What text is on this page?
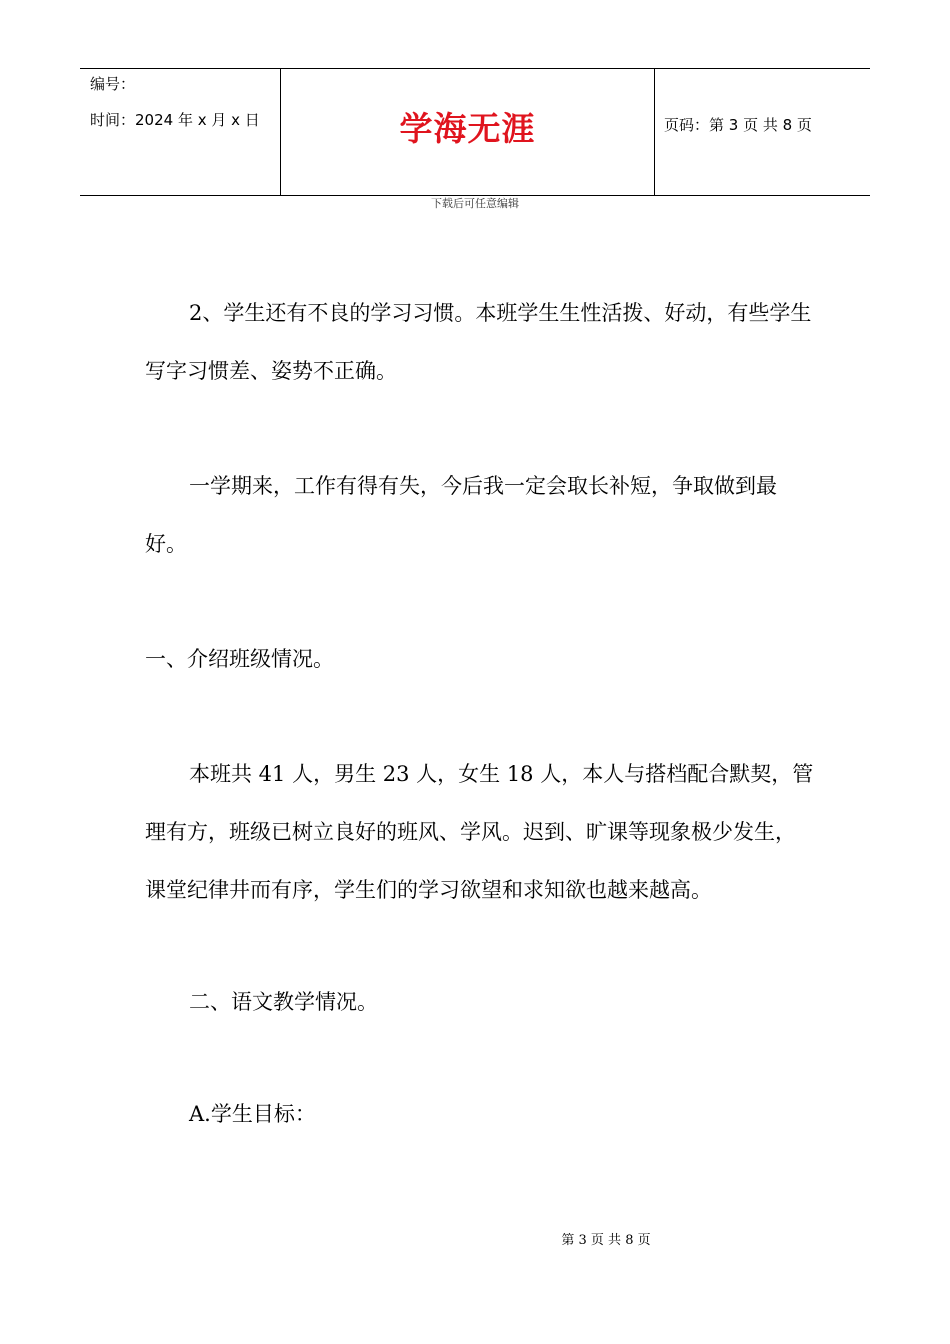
编号：
时间：2024 年 x 月 x 日	学海无涯	页码：第 3 页 共 8 页
下载后可任意编辑

2、学生还有不良的学习习惯。本班学生生性活拨、好动，有些学生写字习惯差、姿势不正确。

一学期来，工作有得有失，今后我一定会取长补短，争取做到最好。

一、介绍班级情况。

本班共 41 人，男生 23 人，女生 18 人，本人与搭档配合默契，管理有方，班级已树立良好的班风、学风。迟到、旷课等现象极少发生，课堂纪律井而有序，学生们的学习欲望和求知欲也越来越高。

二、语文教学情况。

A.学生目标：

第 3 页 共 8 页
